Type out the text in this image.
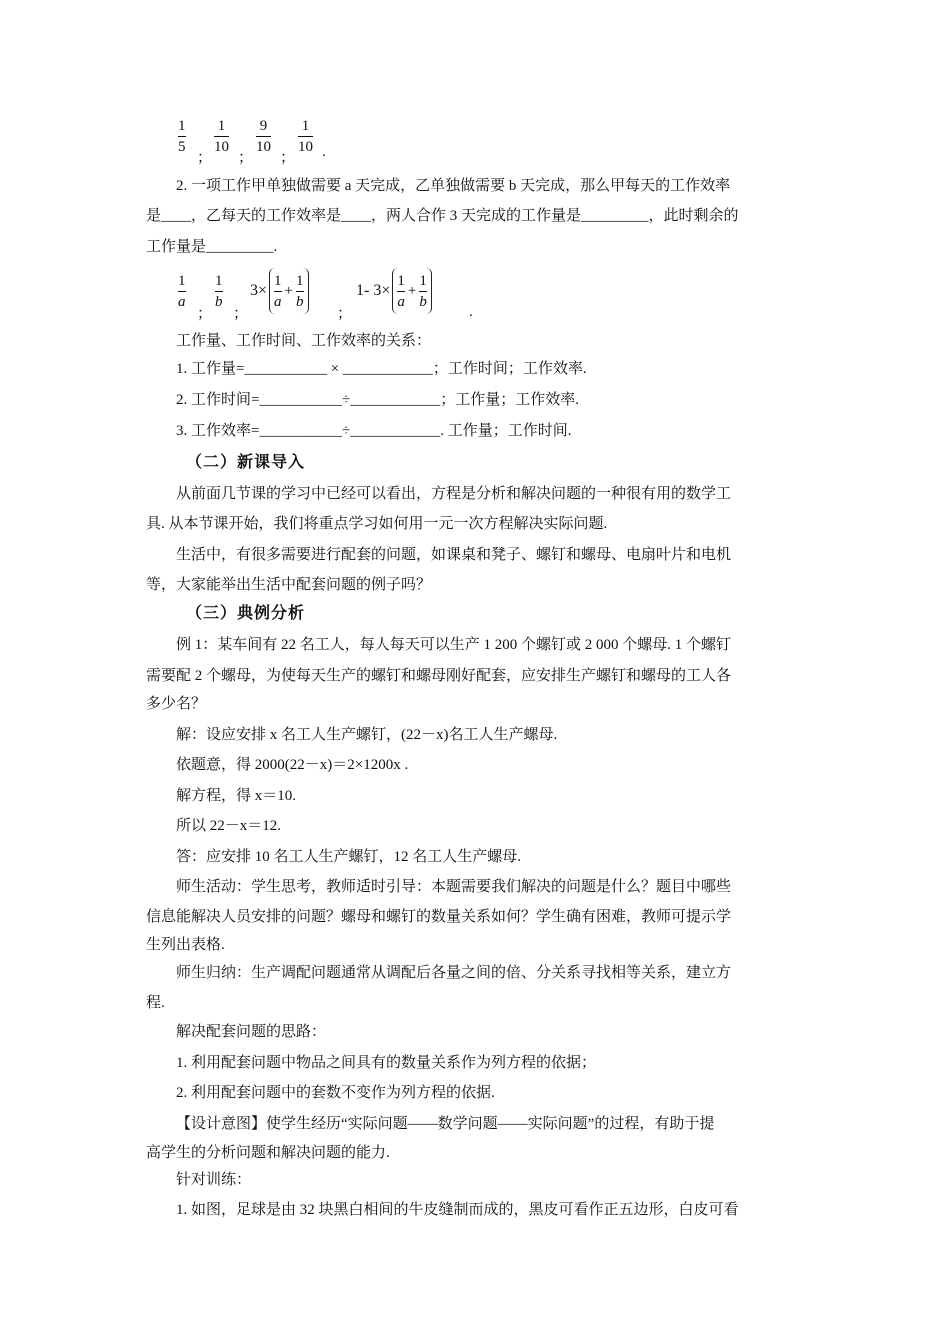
1
5
；
1
10
；
9
10
；
1
10 .
2. 一项工作甲单独做需要 a 天完成，乙单独做需要 b 天完成，那么甲每天的工作效率
是____，乙每天的工作效率是____，两人合作 3 天完成的工作量是_________，此时剩余的
工作量是_________.
1
a
；
1
b
；
$3\times \frac{1}{a} + \frac{1}{b}$
；
1- $3\times \frac{1}{a} + \frac{1}{b}$
.
工作量、工作时间、工作效率的关系：
1. 工作量=___________ × ____________；工作时间；工作效率.
2. 工作时间=___________÷____________；工作量；工作效率.
3. 工作效率=___________÷____________. 工作量；工作时间.
（二）新课导入
从前面几节课的学习中已经可以看出，方程是分析和解决问题的一种很有用的数学工
具. 从本节课开始，我们将重点学习如何用一元一次方程解决实际问题.
生活中，有很多需要进行配套的问题，如课桌和凳子、螺钉和螺母、电扇叶片和电机
等，大家能举出生活中配套问题的例子吗？
（三）典例分析
例 1：某车间有 22 名工人，每人每天可以生产 1 200 个螺钉或 2 000 个螺母. 1 个螺钉
需要配 2 个螺母，为使每天生产的螺钉和螺母刚好配套，应安排生产螺钉和螺母的工人各
多少名？
解：设应安排 x 名工人生产螺钉，(22－x)名工人生产螺母.
依题意，得 2000(22－x)＝2×1200x .
解方程，得 x＝10.
所以 22－x＝12.
答：应安排 10 名工人生产螺钉，12 名工人生产螺母.
师生活动：学生思考，教师适时引导：本题需要我们解决的问题是什么？题目中哪些
信息能解决人员安排的问题？螺母和螺钉的数量关系如何？学生确有困难，教师可提示学
生列出表格.
师生归纳：生产调配问题通常从调配后各量之间的倍、分关系寻找相等关系，建立方
程.
解决配套问题的思路：
1. 利用配套问题中物品之间具有的数量关系作为列方程的依据；
2. 利用配套问题中的套数不变作为列方程的依据.
【设计意图】使学生经历“实际问题——数学问题——实际问题”的过程，有助于提
高学生的分析问题和解决问题的能力.
针对训练：
1. 如图，足球是由 32 块黑白相间的牛皮缝制而成的，黑皮可看作正五边形，白皮可看
